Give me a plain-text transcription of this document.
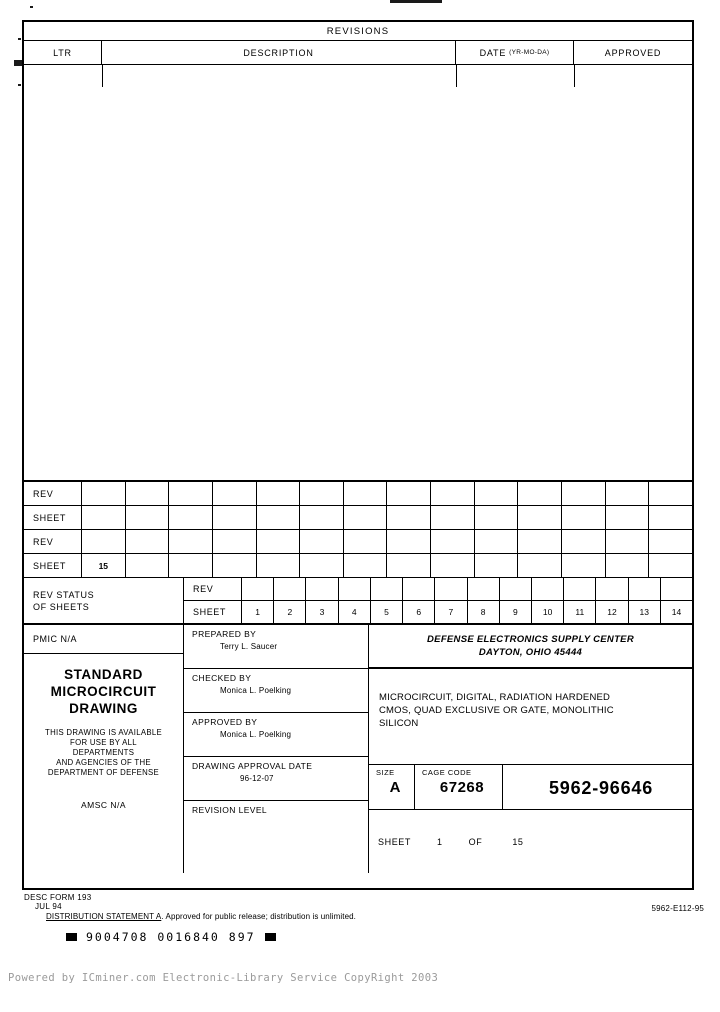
REVISIONS
LTR	DESCRIPTION	DATE (YR-MO-DA)	APPROVED
REV
SHEET
REV
SHEET	15
REV STATUS
OF SHEETS
REV
SHEET	1	2	3	4	5	6	7	8	9	10	11	12	13	14
PMIC N/A
STANDARD
MICROCIRCUIT
DRAWING
THIS DRAWING IS AVAILABLE
FOR USE BY ALL
DEPARTMENTS
AND AGENCIES OF THE
DEPARTMENT OF DEFENSE
AMSC N/A
PREPARED BY
Terry L. Saucer
CHECKED BY
Monica L. Poelking
APPROVED BY
Monica L. Poelking
DRAWING APPROVAL DATE
96-12-07
REVISION LEVEL
DEFENSE ELECTRONICS SUPPLY CENTER
DAYTON, OHIO 45444
MICROCIRCUIT, DIGITAL, RADIATION HARDENED
CMOS, QUAD EXCLUSIVE OR GATE, MONOLITHIC
SILICON
SIZE
A
CAGE CODE
67268	5962-96646
SHEET	1	OF	15
DESC FORM 193
JUL 94
DISTRIBUTION STATEMENT A. Approved for public release; distribution is unlimited.
5962-E112-95
9004708 0016840 897
Powered by ICminer.com Electronic-Library Service CopyRight 2003
